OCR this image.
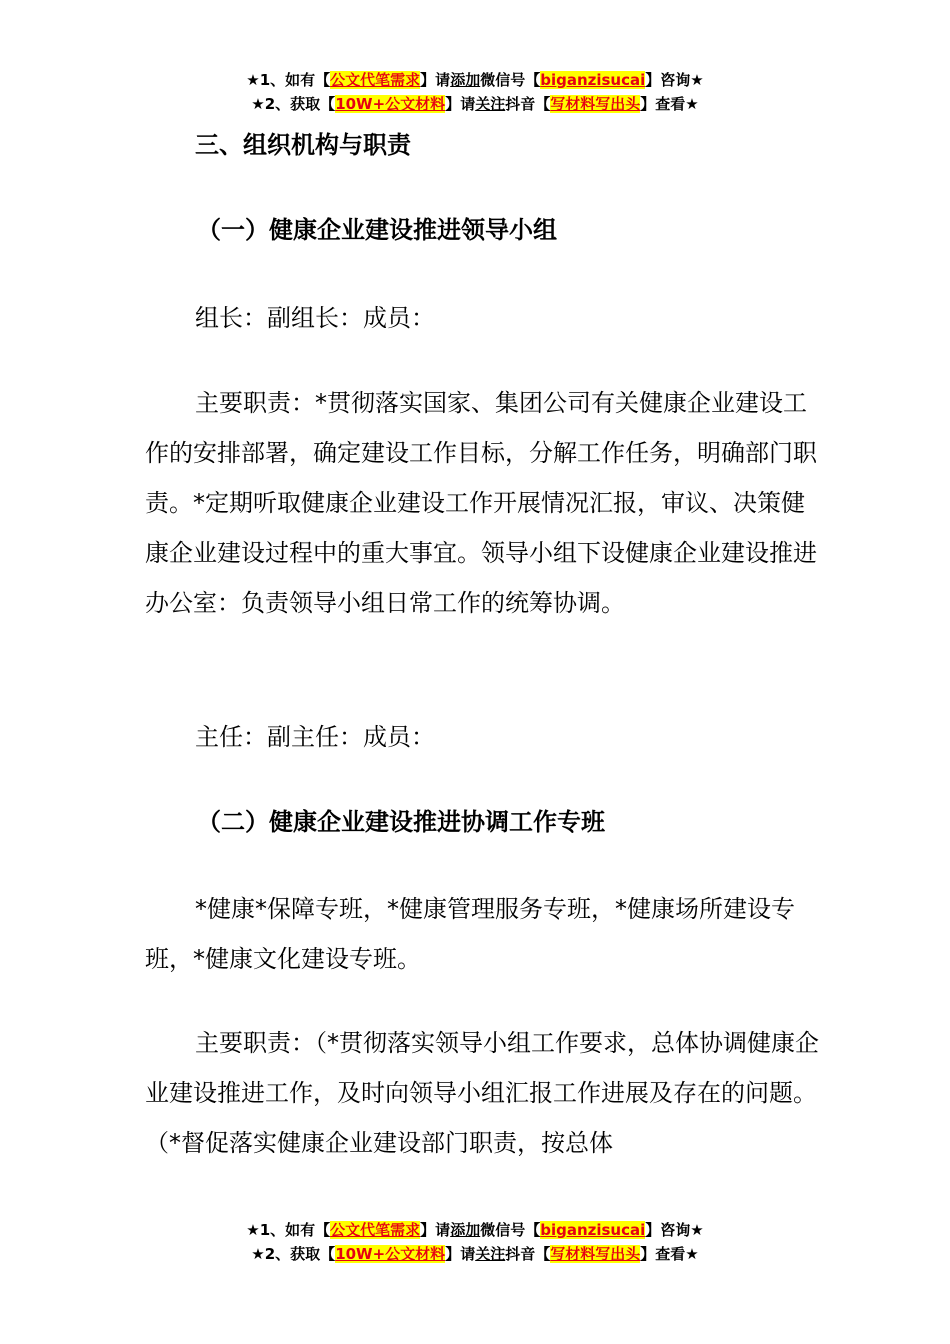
★1、如有【公文代笔需求】请添加微信号【biganzisucai】咨询★
★2、获取【10W+公文材料】请关注抖音【写材料写出头】查看★
三、组织机构与职责
（一）健康企业建设推进领导小组

组长：副组长：成员：

主要职责：*贯彻落实国家、集团公司有关健康企业建设工作的安排部署，确定建设工作目标，分解工作任务，明确部门职责。*定期听取健康企业建设工作开展情况汇报，审议、决策健康企业建设过程中的重大事宜。领导小组下设健康企业建设推进办公室：负责领导小组日常工作的统筹协调。

主任：副主任：成员：

（二）健康企业建设推进协调工作专班

*健康*保障专班，*健康管理服务专班，*健康场所建设专班，*健康文化建设专班。

主要职责：（*贯彻落实领导小组工作要求，总体协调健康企业建设推进工作，及时向领导小组汇报工作进展及存在的问题。（*督促落实健康企业建设部门职责，按总体

★1、如有【公文代笔需求】请添加微信号【biganzisucai】咨询★
★2、获取【10W+公文材料】请关注抖音【写材料写出头】查看★
